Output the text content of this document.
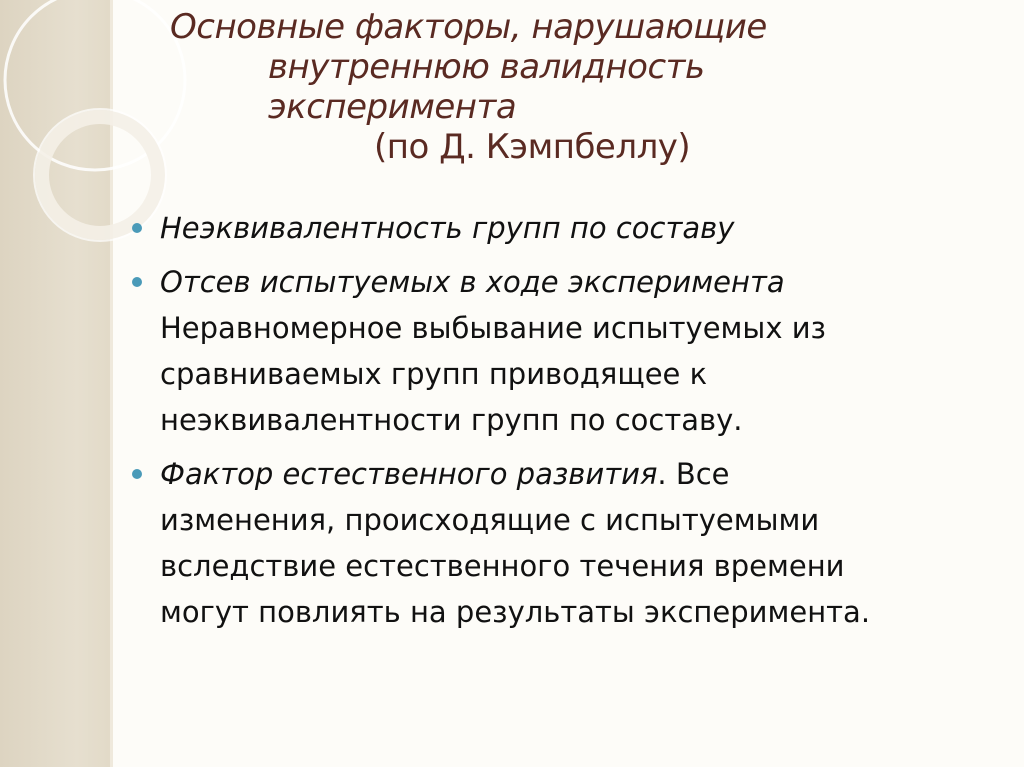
Основные факторы, нарушающие
внутреннюю валидность
эксперимента
(по Д. Кэмпбеллу)
Неэквивалентность групп по составу
Отсев испытуемых в ходе эксперимента
Неравномерное выбывание испытуемых из
сравниваемых групп приводящее к
неэквивалентности групп по составу.
Фактор естественного развития. Все
изменения, происходящие с испытуемыми
вследствие естественного течения времени
могут повлиять на результаты эксперимента.
